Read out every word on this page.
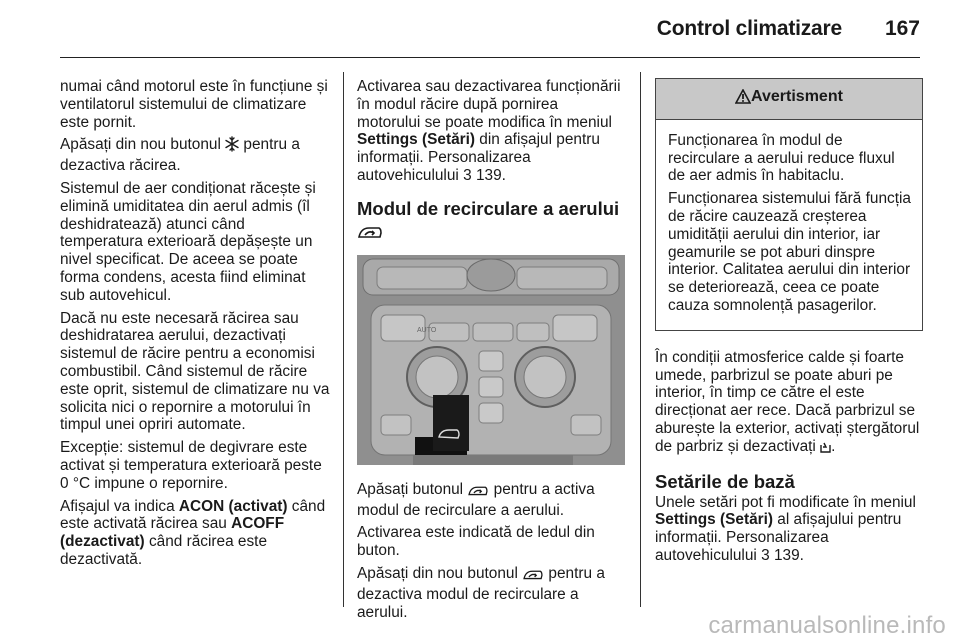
Control climatizare 167

numai când motorul este în funcțiune și ventilatorul sistemului de climatizare este pornit.

Apăsați din nou butonul  pentru a dezactiva răcirea.

Sistemul de aer condiționat răcește și elimină umiditatea din aerul admis (îl deshidratează) atunci când temperatura exterioară depășește un nivel specificat. De aceea se poate forma condens, acesta fiind eliminat sub autovehicul.

Dacă nu este necesară răcirea sau deshidratarea aerului, dezactivați sistemul de răcire pentru a economisi combustibil. Când sistemul de răcire este oprit, sistemul de climatizare nu va solicita nici o repornire a motorului în timpul unei opriri automate.

Excepție: sistemul de degivrare este activat și temperatura exterioară peste 0 °C impune o repornire.

Afișajul va indica ACON (activat) când este activată răcirea sau ACOFF (dezactivat) când răcirea este dezactivată.

Activarea sau dezactivarea funcționării în modul răcire după pornirea motorului se poate modifica în meniul Settings (Setări) din afișajul pentru informații. Personalizarea autovehiculului 3 139.

Modul de recirculare a aerului

AUTO

Apăsați butonul  pentru a activa modul de recirculare a aerului.

Activarea este indicată de ledul din buton.

Apăsați din nou butonul  pentru a dezactiva modul de recirculare a aerului.

Avertisment

Funcționarea în modul de recirculare a aerului reduce fluxul de aer admis în habitaclu.

Funcționarea sistemului fără funcția de răcire cauzează creșterea umidității aerului din interior, iar geamurile se pot aburi dinspre interior. Calitatea aerului din interior se deteriorează, ceea ce poate cauza somnolență pasagerilor.

În condiții atmosferice calde și foarte umede, parbrizul se poate aburi pe interior, în timp ce către el este direcționat aer rece. Dacă parbrizul se aburește la exterior, activați ștergătorul de parbriz și dezactivați .

Setările de bază

Unele setări pot fi modificate în meniul Settings (Setări) al afișajului pentru informații. Personalizarea autovehiculului 3 139.

carmanualsonline.info
